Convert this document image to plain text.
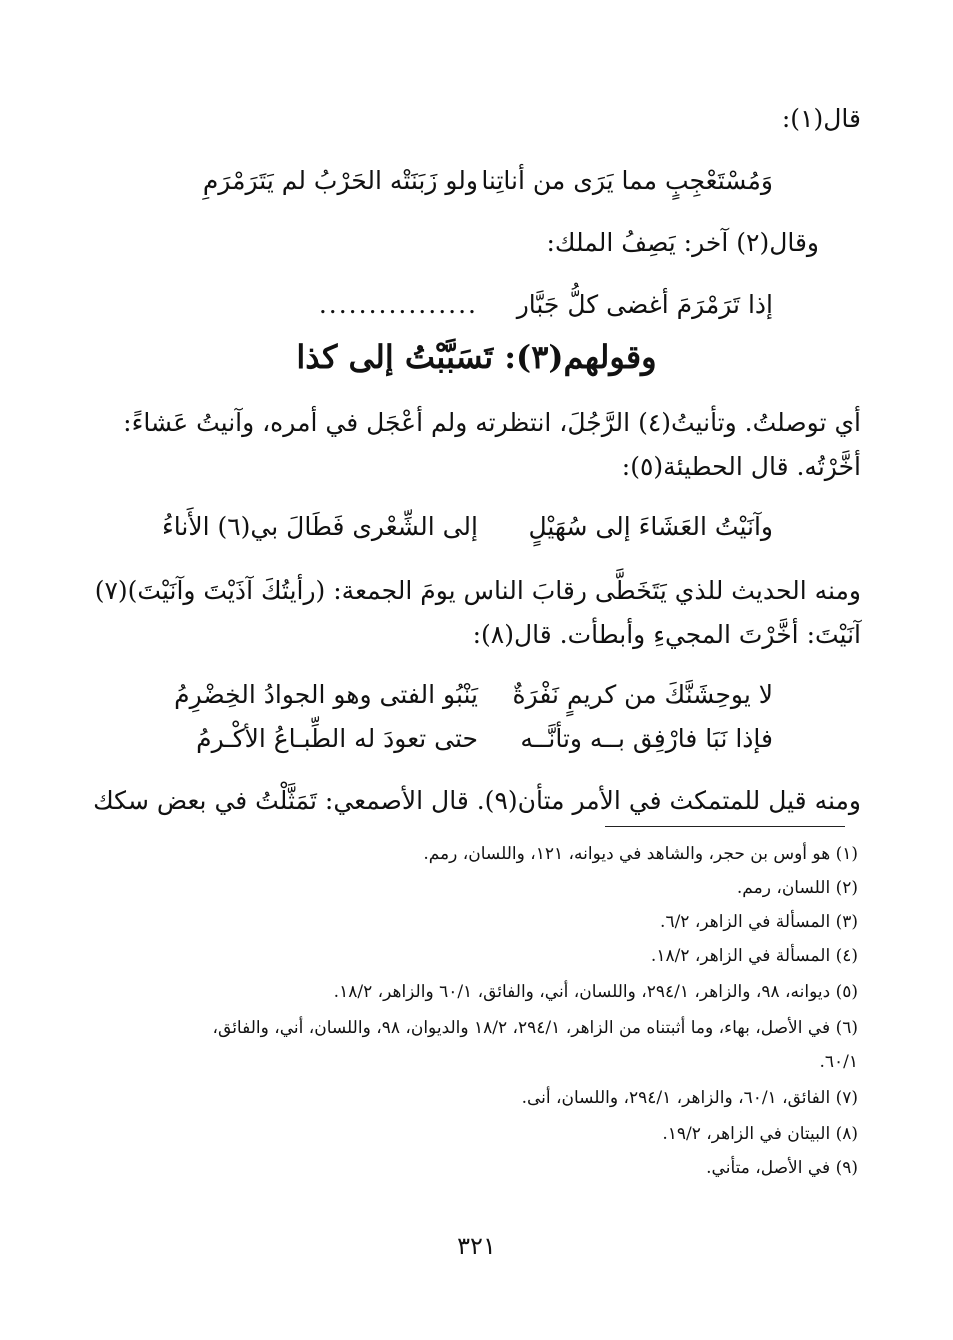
قال(١):
وَمُسْتَعْجِبٍ مما يَرَى من أناتِنا
ولو زَبَنَتْه الحَرْبُ لم يَتَرَمْرَمِ
وقال(٢) آخر: يَصِفُ الملك:
إذا تَرَمْرَمَ أغضى كلُّ جَبَّار
................
وقولهم(٣): تَسَبَّبْتُ إلى كذا
أي توصلتُ. وتأنيتُ(٤) الرَّجُلَ، انتظرته ولم أعْجَل في أمره، وآنيتُ عَشاءً:
أخَّرْتُه. قال الحطيئة(٥):
وآنَيْتُ العَشَاءَ إلى سُهَيْلٍ
إلى الشِّعْرى فَطَالَ بي(٦) الأَناءُ
ومنه الحديث للذي يَتَخَطَّى رقابَ الناس يومَ الجمعة: (رأيتُكَ آذَيْتَ وآنَيْتَ)(٧)
آنَيْتَ: أخَّرْتَ المجيءِ وأبطأت. قال(٨):
لا يوحِشَنَّكَ من كريمٍ نَفْرَةٌ
يَنْبُو الفتى وهو الجوادُ الخِضْرِمُ
فإذا نَبَا فارْفِق بــه وتأنَّــه
حتى تعودَ له الطِّبـاعُ الأكْـرمُ
ومنه قيل للمتمكث في الأمر متأن(٩). قال الأصمعي: تَمَثَّلْتُ في بعض سكك
(١) هو أوس بن حجر، والشاهد في ديوانه، ١٢١، واللسان، رمم.
(٢) اللسان، رمم.
(٣) المسألة في الزاهر، ٦/٢.
(٤) المسألة في الزاهر، ١٨/٢.
(٥) ديوانه، ٩٨، والزاهر، ٢٩٤/١، واللسان، أني، والفائق، ٦٠/١ والزاهر، ١٨/٢.
(٦) في الأصل، بهاء، وما أثبتناه من الزاهر، ٢٩٤/١، ١٨/٢ والديوان، ٩٨، واللسان، أني، والفائق،
٦٠/١.
(٧) الفائق، ٦٠/١، والزاهر، ٢٩٤/١، واللسان، أنى.
(٨) البيتان في الزاهر، ١٩/٢.
(٩) في الأصل، متأني.
٣٢١
